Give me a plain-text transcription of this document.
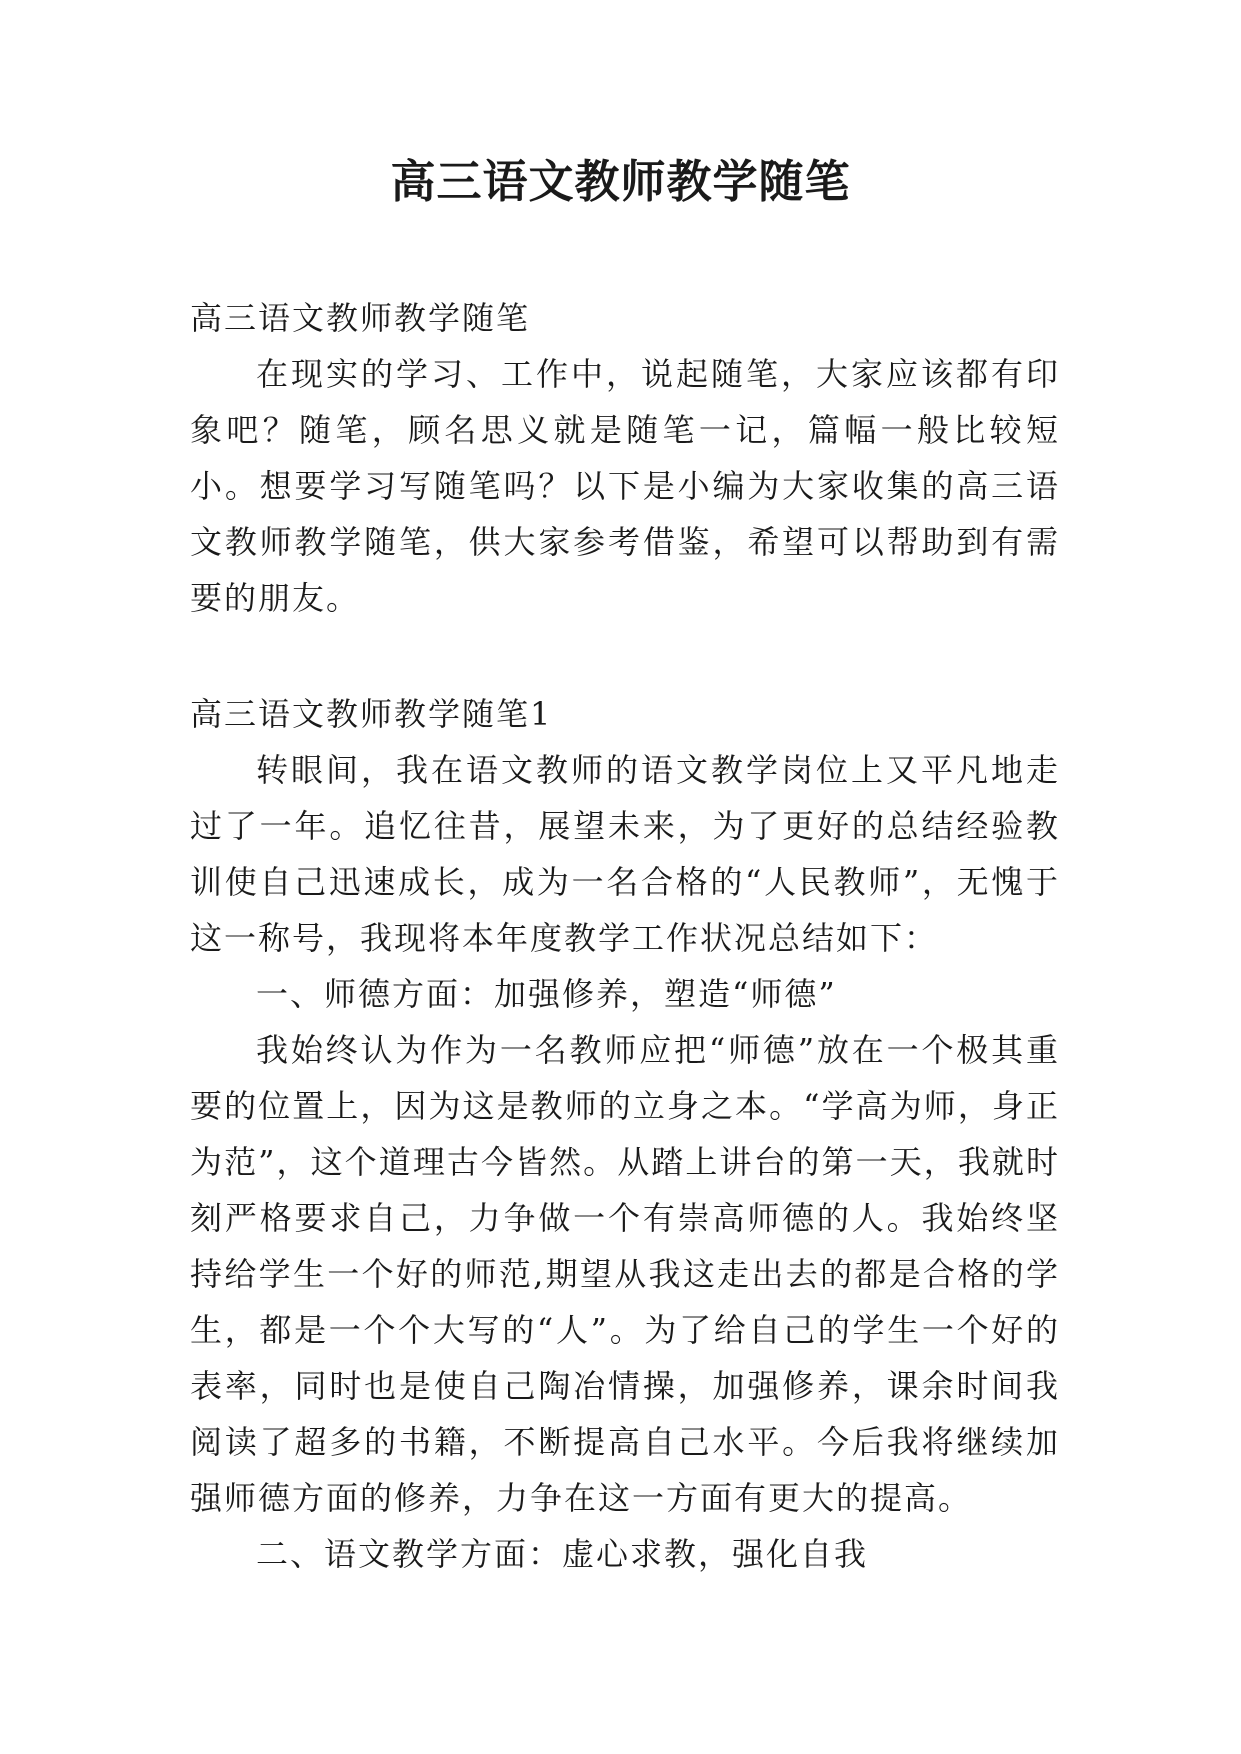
高三语文教师教学随笔

高三语文教师教学随笔

在现实的学习、工作中，说起随笔，大家应该都有印象吧？随笔，顾名思义就是随笔一记，篇幅一般比较短小。想要学习写随笔吗？以下是小编为大家收集的高三语文教师教学随笔，供大家参考借鉴，希望可以帮助到有需要的朋友。

高三语文教师教学随笔1

转眼间，我在语文教师的语文教学岗位上又平凡地走过了一年。追忆往昔，展望未来，为了更好的总结经验教训使自己迅速成长，成为一名合格的“人民教师”，无愧于这一称号，我现将本年度教学工作状况总结如下：

一、师德方面：加强修养，塑造“师德”

我始终认为作为一名教师应把“师德”放在一个极其重要的位置上，因为这是教师的立身之本。“学高为师，身正为范”，这个道理古今皆然。从踏上讲台的第一天，我就时刻严格要求自己，力争做一个有崇高师德的人。我始终坚持给学生一个好的师范,期望从我这走出去的都是合格的学生，都是一个个大写的“人”。为了给自己的学生一个好的表率，同时也是使自己陶冶情操，加强修养，课余时间我阅读了超多的书籍，不断提高自己水平。今后我将继续加强师德方面的修养，力争在这一方面有更大的提高。

二、语文教学方面：虚心求教，强化自我
